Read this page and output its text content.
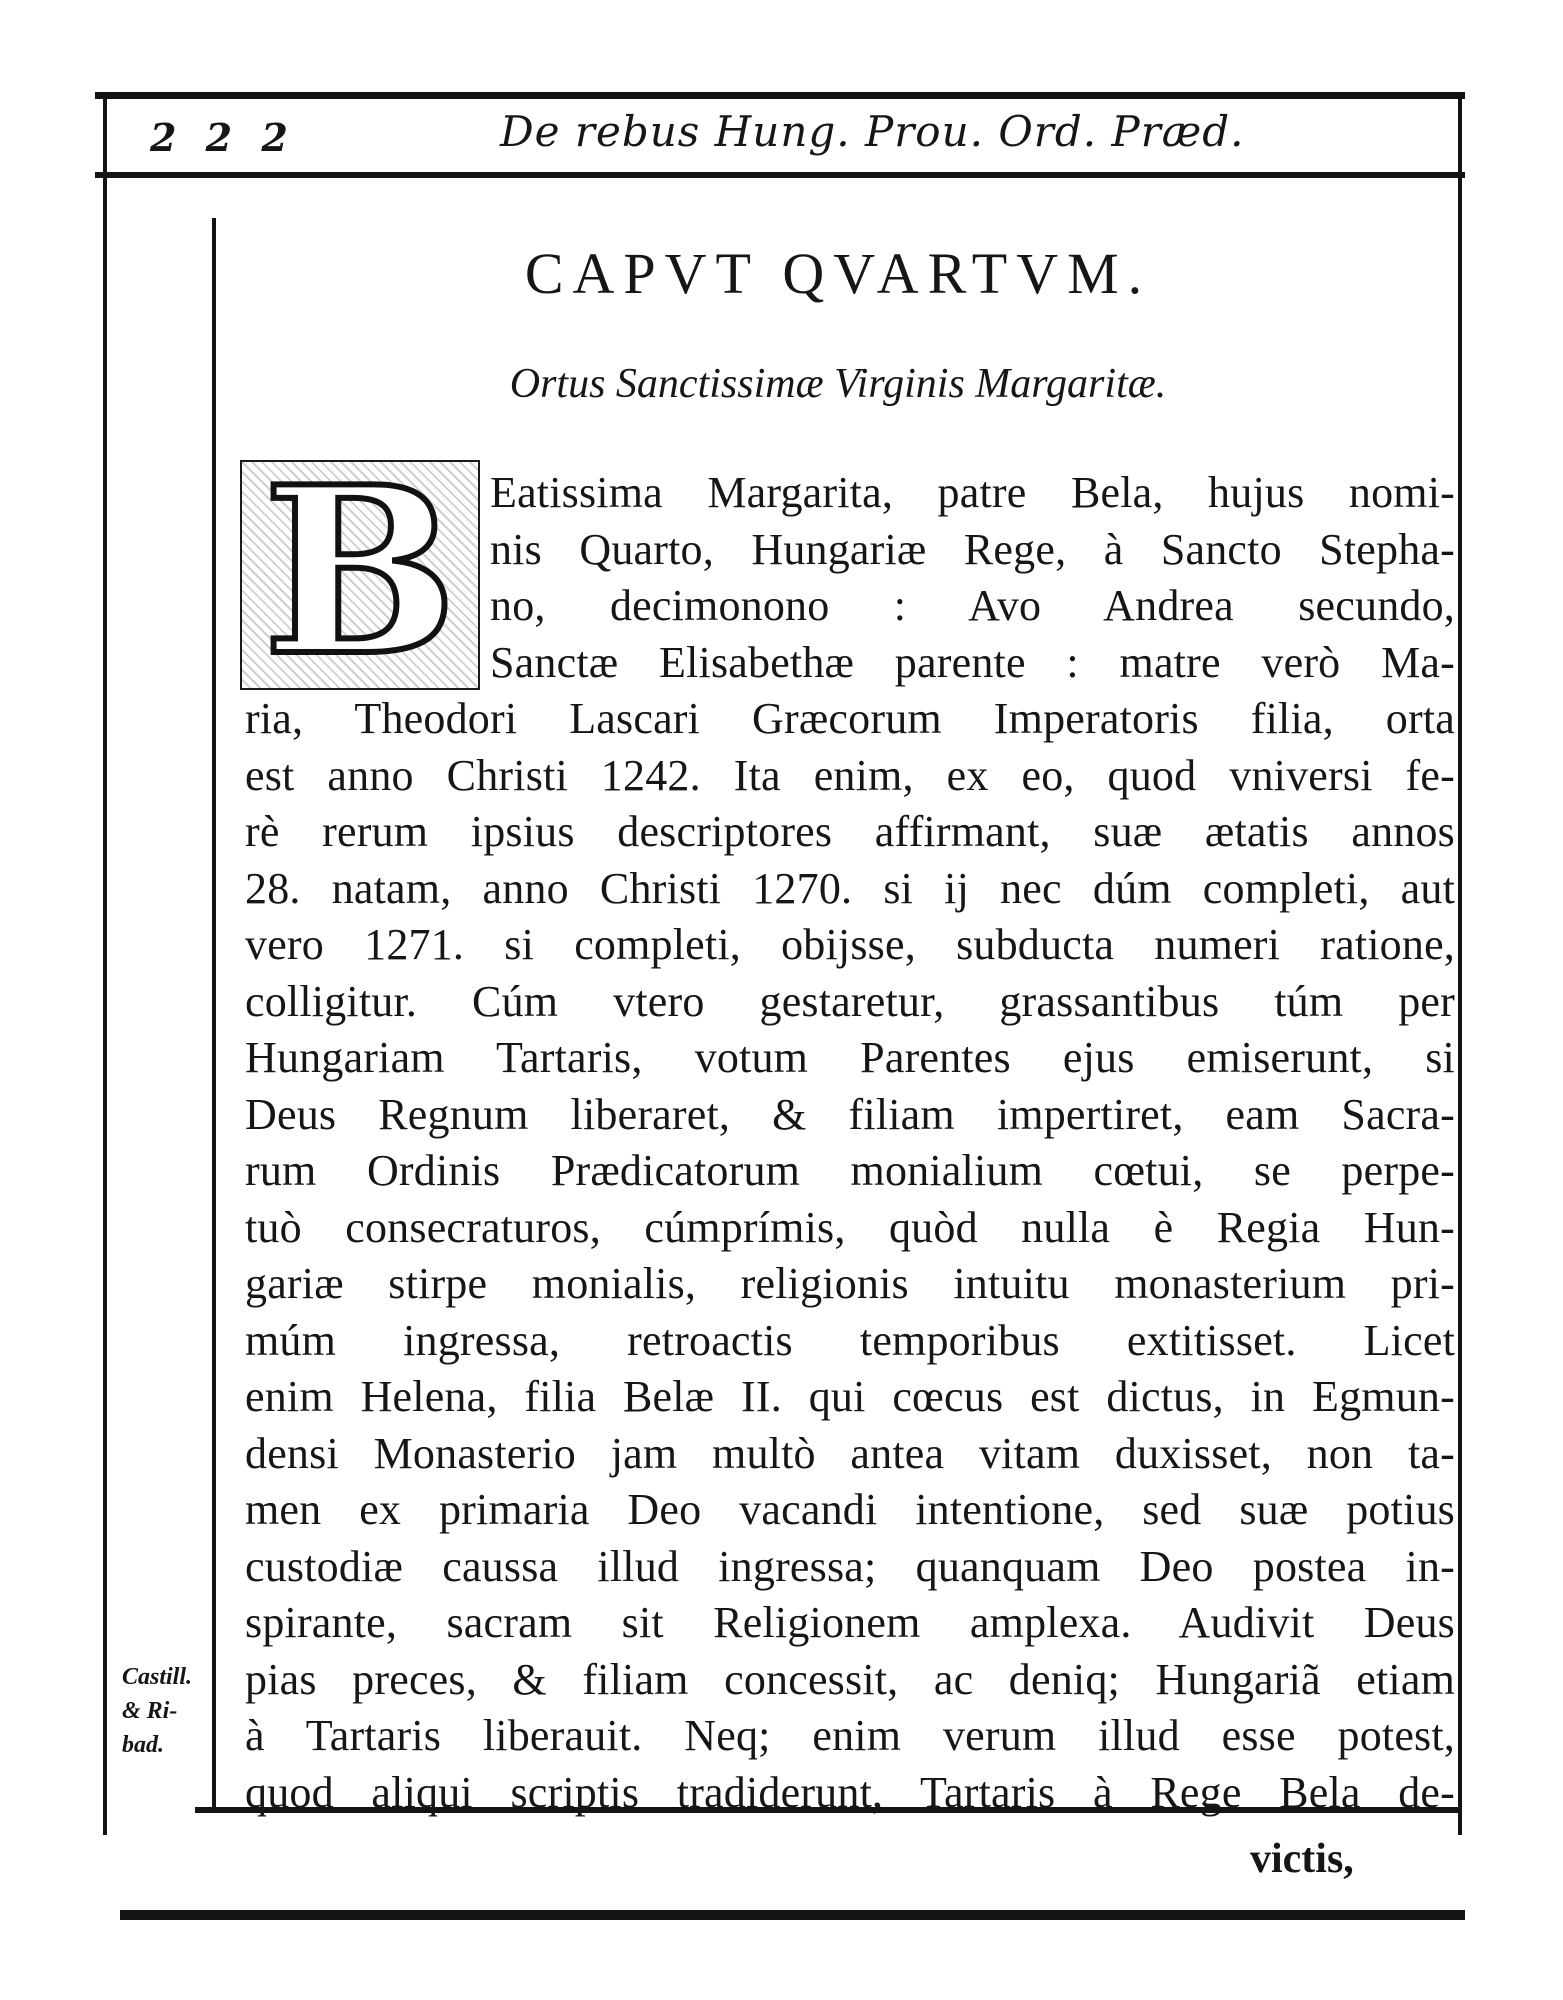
2 2 2	De rebus Hung. Prou. Ord. Præd.
CAPVT QVARTVM.
Ortus Sanctissimæ Virginis Margaritæ.
B Eatissima Margarita, patre Bela, hujus nomi-
nis Quarto, Hungariæ Rege, à Sancto Stepha-
no, decimonono : Avo Andrea secundo,
Sanctæ Elisabethæ parente : matre verò Ma-
ria, Theodori Lascari Græcorum Imperatoris filia, orta
est anno Christi 1242. Ita enim, ex eo, quod vniversi fe-
rè rerum ipsius descriptores affirmant, suæ ætatis annos
28. natam, anno Christi 1270. si ij nec dúm completi, aut
vero 1271. si completi, obijsse, subducta numeri ratione,
colligitur. Cúm vtero gestaretur, grassantibus túm per
Hungariam Tartaris, votum Parentes ejus emiserunt, si
Deus Regnum liberaret, & filiam impertiret, eam Sacra-
rum Ordinis Prædicatorum monialium cœtui, se perpe-
tuò consecraturos, cúmprímis, quòd nulla è Regia Hun-
gariæ stirpe monialis, religionis intuitu monasterium pri-
múm ingressa, retroactis temporibus extitisset. Licet
enim Helena, filia Belæ II. qui cœcus est dictus, in Egmun-
densi Monasterio jam multò antea vitam duxisset, non ta-
men ex primaria Deo vacandi intentione, sed suæ potius
custodiæ caussa illud ingressa; quanquam Deo postea in-
spirante, sacram sit Religionem amplexa. Audivit Deus
pias preces, & filiam concessit, ac deniq; Hungariã etiam
à Tartaris liberauit. Neq; enim verum illud esse potest,
quod aliqui scriptis tradiderunt, Tartaris à Rege Bela de-
Castill.
& Ri-
bad.
victis,
